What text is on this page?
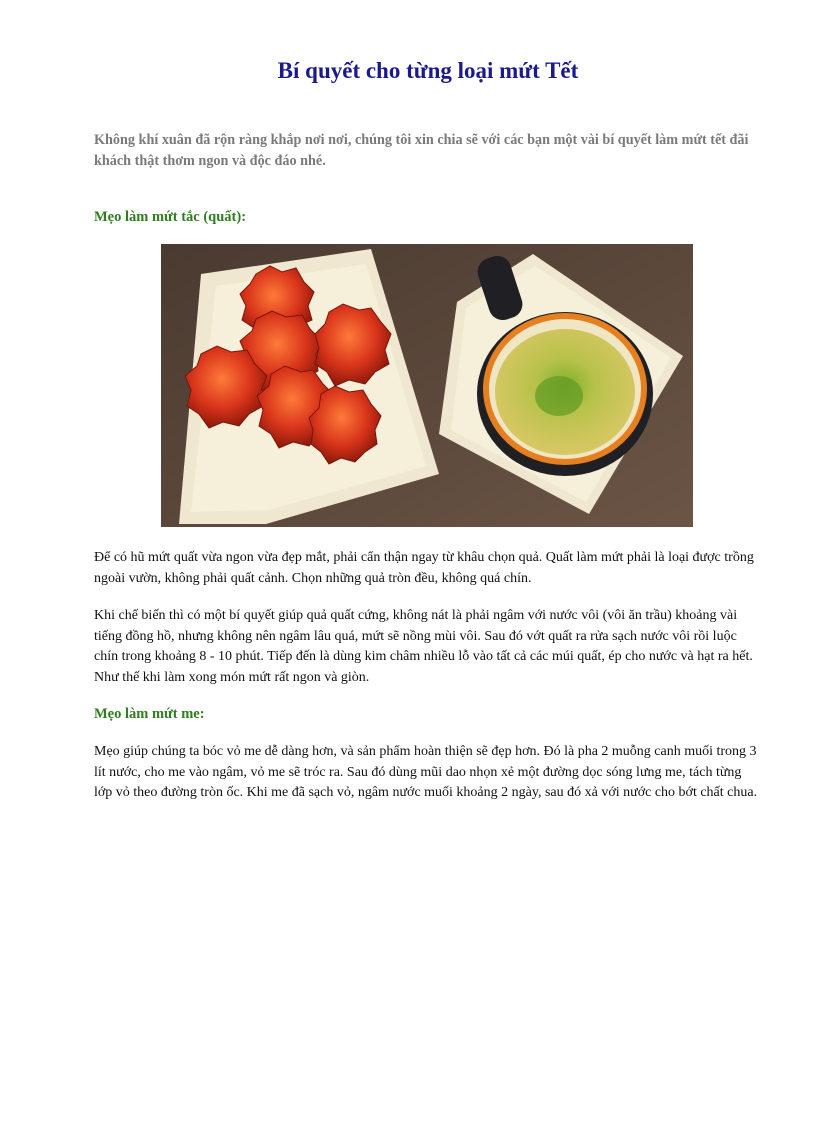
Bí quyết cho từng loại mứt Tết

Không khí xuân đã rộn ràng khắp nơi nơi, chúng tôi xin chia sẽ với các bạn một vài bí quyết làm mứt tết đãi khách thật thơm ngon và độc đáo nhé.

Mẹo làm mứt tắc (quất):

Để có hũ mứt quất vừa ngon vừa đẹp mắt, phải cẩn thận ngay từ khâu chọn quả. Quất làm mứt phải là loại được trồng ngoài vườn, không phải quất cảnh. Chọn những quả tròn đều, không quá chín.

Khi chế biến thì có một bí quyết giúp quả quất cứng, không nát là phải ngâm với nước vôi (vôi ăn trầu) khoảng vài tiếng đồng hồ, nhưng không nên ngâm lâu quá, mứt sẽ nồng mùi vôi. Sau đó vớt quất ra rửa sạch nước vôi rồi luộc chín trong khoảng 8 - 10 phút. Tiếp đến là dùng kim châm nhiều lỗ vào tất cả các múi quất, ép cho nước và hạt ra hết. Như thế khi làm xong món mứt rất ngon và giòn.

Mẹo làm mứt me:

Mẹo giúp chúng ta bóc vỏ me dễ dàng hơn, và sản phẩm hoàn thiện sẽ đẹp hơn. Đó là pha 2 muỗng canh muối trong 3 lít nước, cho me vào ngâm, vỏ me sẽ tróc ra. Sau đó dùng mũi dao nhọn xẻ một đường dọc sóng lưng me, tách từng lớp vỏ theo đường tròn ốc. Khi me đã sạch vỏ, ngâm nước muối khoảng 2 ngày, sau đó xả với nước cho bớt chất chua.
